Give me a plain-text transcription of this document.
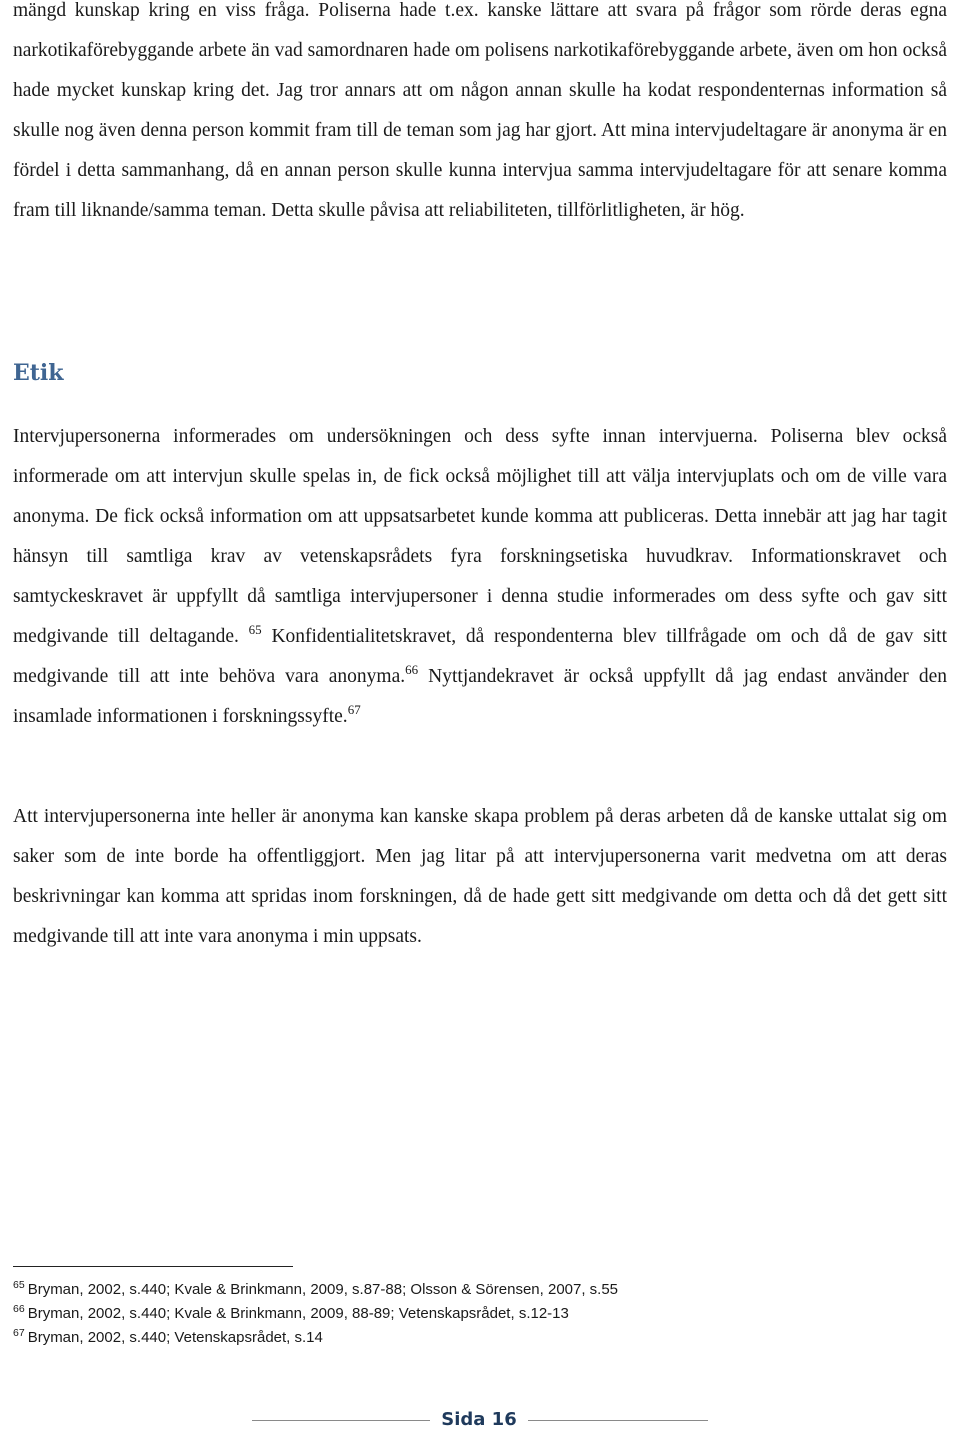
mängd kunskap kring en viss fråga. Poliserna hade t.ex. kanske lättare att svara på frågor som rörde deras egna narkotikaförebyggande arbete än vad samordnaren hade om polisens narkotikaförebyggande arbete, även om hon också hade mycket kunskap kring det. Jag tror annars att om någon annan skulle ha kodat respondenternas information så skulle nog även denna person kommit fram till de teman som jag har gjort. Att mina intervjudeltagare är anonyma är en fördel i detta sammanhang, då en annan person skulle kunna intervjua samma intervjudeltagare för att senare komma fram till liknande/samma teman. Detta skulle påvisa att reliabiliteten, tillförlitligheten, är hög.

Etik

Intervjupersonerna informerades om undersökningen och dess syfte innan intervjuerna. Poliserna blev också informerade om att intervjun skulle spelas in, de fick också möjlighet till att välja intervjuplats och om de ville vara anonyma. De fick också information om att uppsatsarbetet kunde komma att publiceras. Detta innebär att jag har tagit hänsyn till samtliga krav av vetenskapsrådets fyra forskningsetiska huvudkrav. Informationskravet och samtyckeskravet är uppfyllt då samtliga intervjupersoner i denna studie informerades om dess syfte och gav sitt medgivande till deltagande. $^{65}$ Konfidentialitetskravet, då respondenterna blev tillfrågade om och då de gav sitt medgivande till att inte behöva vara anonyma.$^{66}$ Nyttjandekravet är också uppfyllt då jag endast använder den insamlade informationen i forskningssyfte.$^{67}$

Att intervjupersonerna inte heller är anonyma kan kanske skapa problem på deras arbeten då de kanske uttalat sig om saker som de inte borde ha offentliggjort. Men jag litar på att intervjupersonerna varit medvetna om att deras beskrivningar kan komma att spridas inom forskningen, då de hade gett sitt medgivande om detta och då det gett sitt medgivande till att inte vara anonyma i min uppsats.

$^{65}$ Bryman, 2002, s.440; Kvale & Brinkmann, 2009, s.87-88; Olsson & Sörensen, 2007, s.55
$^{66}$ Bryman, 2002, s.440; Kvale & Brinkmann, 2009, 88-89; Vetenskapsrådet, s.12-13
$^{67}$ Bryman, 2002, s.440; Vetenskapsrådet, s.14
Sida 16
